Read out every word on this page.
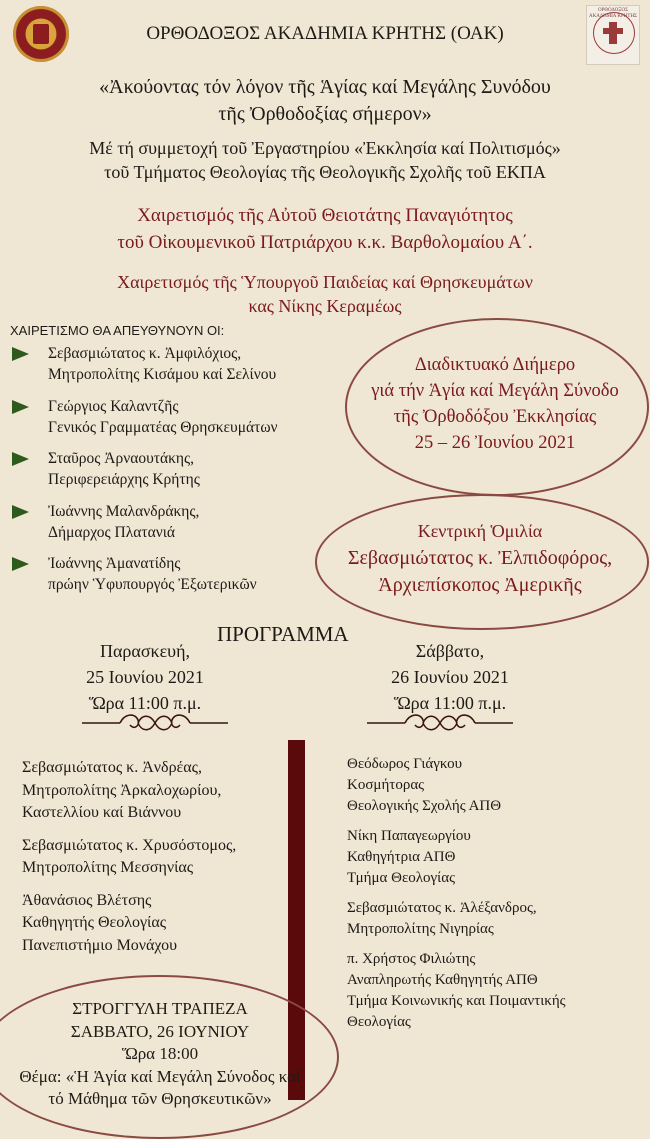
ΟΡΘΟΔΟΞΟΣ ΑΚΑΔΗΜΙΑ ΚΡΗΤΗΣ (ΟΑΚ)
ΟΡΘΟΔΟΞΟΣ ΑΚΑΔΗΜΙΑ ΚΡΗΤΗΣ
«Ἀκούοντας τόν λόγον τῆς Ἁγίας καί Μεγάλης Συνόδου
τῆς Ὀρθοδοξίας σήμερον»
Μέ τή συμμετοχή τοῦ Ἐργαστηρίου «Ἐκκλησία καί Πολιτισμός»
τοῦ Τμήματος Θεολογίας τῆς Θεολογικῆς Σχολῆς τοῦ ΕΚΠΑ
Χαιρετισμός τῆς Αὐτοῦ Θειοτάτης Παναγιότητος
τοῦ Οἰκουμενικοῦ Πατριάρχου κ.κ. Βαρθολομαίου Α΄.
Χαιρετισμός τῆς Ὑπουργοῦ Παιδείας καί Θρησκευμάτων
κας Νίκης Κεραμέως
ΧΑΙΡΕΤΙΣΜΟ ΘΑ ΑΠΕΥΘΥΝΟΥΝ ΟΙ:
Σεβασμιώτατος κ. Ἀμφιλόχιος,
Μητροπολίτης Κισάμου καί Σελίνου
Γεώργιος Καλαντζῆς
Γενικός Γραμματέας Θρησκευμάτων
Σταῦρος Ἀρναουτάκης,
Περιφερειάρχης Κρήτης
Ἰωάννης Μαλανδράκης,
Δήμαρχος Πλατανιά
Ἰωάννης Ἀμανατίδης
πρώην Ὑφυπουργός Ἐξωτερικῶν
Διαδικτυακό Διήμερο
γιά τήν Ἁγία καί Μεγάλη Σύνοδο
τῆς Ὀρθοδόξου Ἐκκλησίας
25 – 26 Ἰουνίου 2021
Κεντρική Ὁμιλία
Σεβασμιώτατος κ. Ἐλπιδοφόρος,
Ἀρχιεπίσκοπος Ἀμερικῆς
ΠΡΟΓΡΑΜΜΑ
Παρασκευή,
25 Ιουνίου 2021
Ὥρα 11:00 π.μ.
Σάββατο,
26 Ιουνίου 2021
Ὥρα 11:00 π.μ.
Σεβασμιώτατος κ. Ἀνδρέας,
Μητροπολίτης Ἀρκαλοχωρίου,
Καστελλίου καί Βιάννου
Σεβασμιώτατος κ. Χρυσόστομος,
Μητροπολίτης Μεσσηνίας
Ἀθανάσιος Βλέτσης
Καθηγητής Θεολογίας
Πανεπιστήμιο Μονάχου
Θεόδωρος Γιάγκου
Κοσμήτορας
Θεολογικής Σχολής ΑΠΘ
Νίκη Παπαγεωργίου
Καθηγήτρια ΑΠΘ
Τμήμα Θεολογίας
Σεβασμιώτατος κ. Ἀλέξανδρος,
Μητροπολίτης Νιγηρίας
π. Χρήστος Φιλιώτης
Αναπληρωτής Καθηγητής ΑΠΘ
Τμήμα Κοινωνικής και Ποιμαντικής
Θεολογίας
ΣΤΡΟΓΓΥΛΗ ΤΡΑΠΕΖΑ
ΣΑΒΒΑΤΟ, 26 ΙΟΥΝΙΟΥ
Ὥρα 18:00
Θέμα: «Ἡ Ἁγία καί Μεγάλη Σύνοδος καί
τό Μάθημα τῶν Θρησκευτικῶν»
